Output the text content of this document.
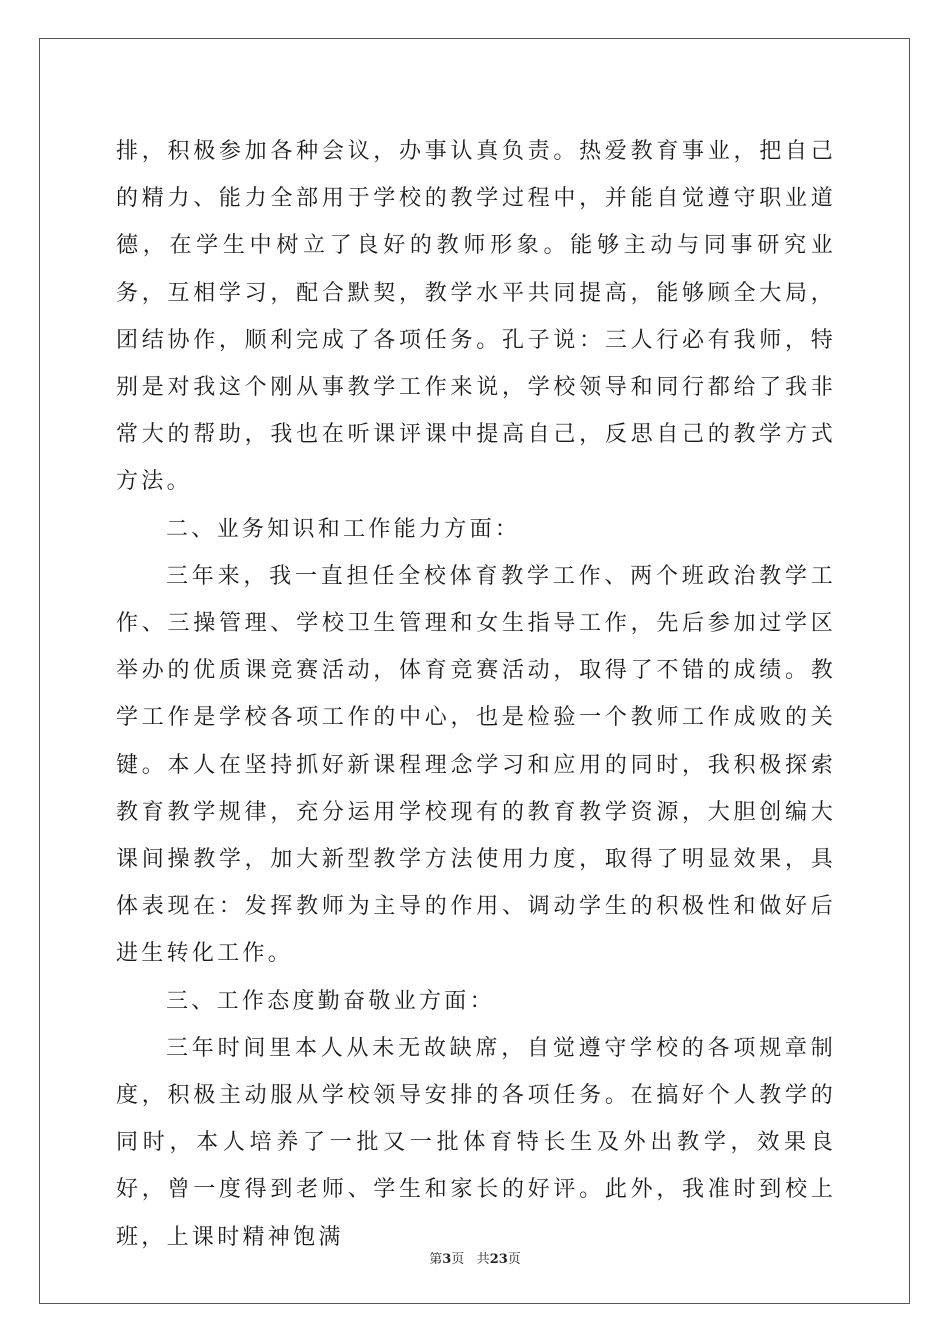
排，积极参加各种会议，办事认真负责。热爱教育事业，把自己的精力、能力全部用于学校的教学过程中，并能自觉遵守职业道德，在学生中树立了良好的教师形象。能够主动与同事研究业务，互相学习，配合默契，教学水平共同提高，能够顾全大局，团结协作，顺利完成了各项任务。孔子说：三人行必有我师，特别是对我这个刚从事教学工作来说，学校领导和同行都给了我非常大的帮助，我也在听课评课中提高自己，反思自己的教学方式方法。

二、业务知识和工作能力方面：

三年来，我一直担任全校体育教学工作、两个班政治教学工作、三操管理、学校卫生管理和女生指导工作，先后参加过学区举办的优质课竞赛活动，体育竞赛活动，取得了不错的成绩。教学工作是学校各项工作的中心，也是检验一个教师工作成败的关键。本人在坚持抓好新课程理念学习和应用的同时，我积极探索教育教学规律，充分运用学校现有的教育教学资源，大胆创编大课间操教学，加大新型教学方法使用力度，取得了明显效果，具体表现在：发挥教师为主导的作用、调动学生的积极性和做好后进生转化工作。

三、工作态度勤奋敬业方面：

三年时间里本人从未无故缺席，自觉遵守学校的各项规章制度，积极主动服从学校领导安排的各项任务。在搞好个人教学的同时，本人培养了一批又一批体育特长生及外出教学，效果良好，曾一度得到老师、学生和家长的好评。此外，我准时到校上班，上课时精神饱满

第3页 共23页
